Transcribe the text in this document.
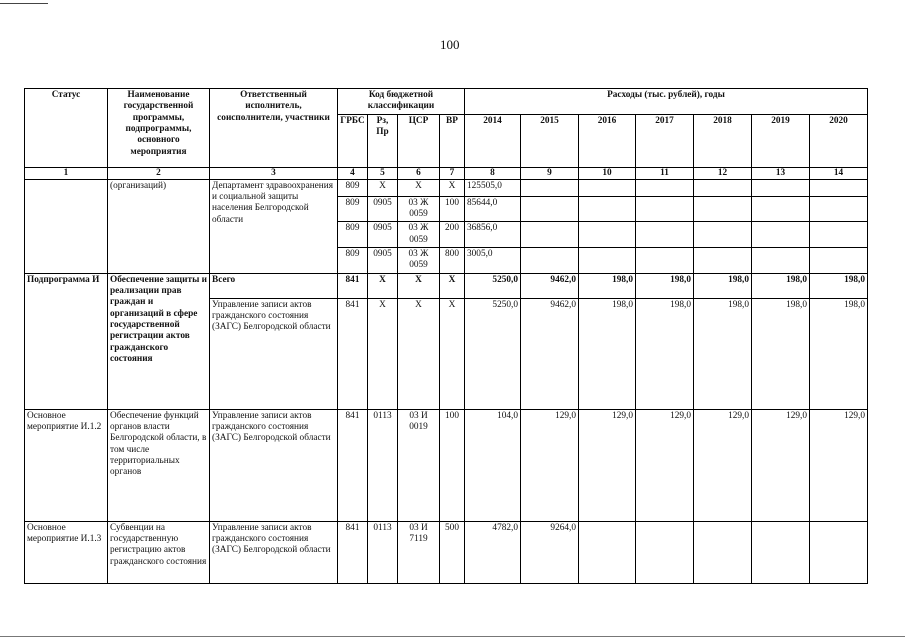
100
Статус	Наименование государственной программы, подпрограммы, основного мероприятия	Ответственный исполнитель, соисполнители, участники	Код бюджетной классификации				Расходы (тыс. рублей), годы						
			ГРБС	Рз, Пр	ЦСР	ВР	2014	2015	2016	2017	2018	2019	2020
1	2	3	4	5	6	7	8	9	10	11	12	13	14
	(организаций)	Департамент здравоохранения и социальной защиты населения Белгородской области	809	X	X	X	125505,0						
			809	0905	03 Ж 0059	100	85644,0						
			809	0905	03 Ж 0059	200	36856,0						
			809	0905	03 Ж 0059	800	3005,0						
Подпрограмма И	Обеспечение защиты и реализации прав граждан и организаций в сфере государственной регистрации актов гражданского состояния	Всего	841	X	X	X	5250,0	9462,0	198,0	198,0	198,0	198,0	198,0
		Управление записи актов гражданского состояния (ЗАГС) Белгородской области	841	X	X	X	5250,0	9462,0	198,0	198,0	198,0	198,0	198,0
Основное мероприятие И.1.2	Обеспечение функций органов власти Белгородской области, в том числе территориальных органов	Управление записи актов гражданского состояния (ЗАГС) Белгородской области	841	0113	03 И 0019	100	104,0	129,0	129,0	129,0	129,0	129,0	129,0
Основное мероприятие И.1.3	Субвенции на государственную регистрацию актов гражданского состояния	Управление записи актов гражданского состояния (ЗАГС) Белгородской области	841	0113	03 И 7119	500	4782,0	9264,0					
